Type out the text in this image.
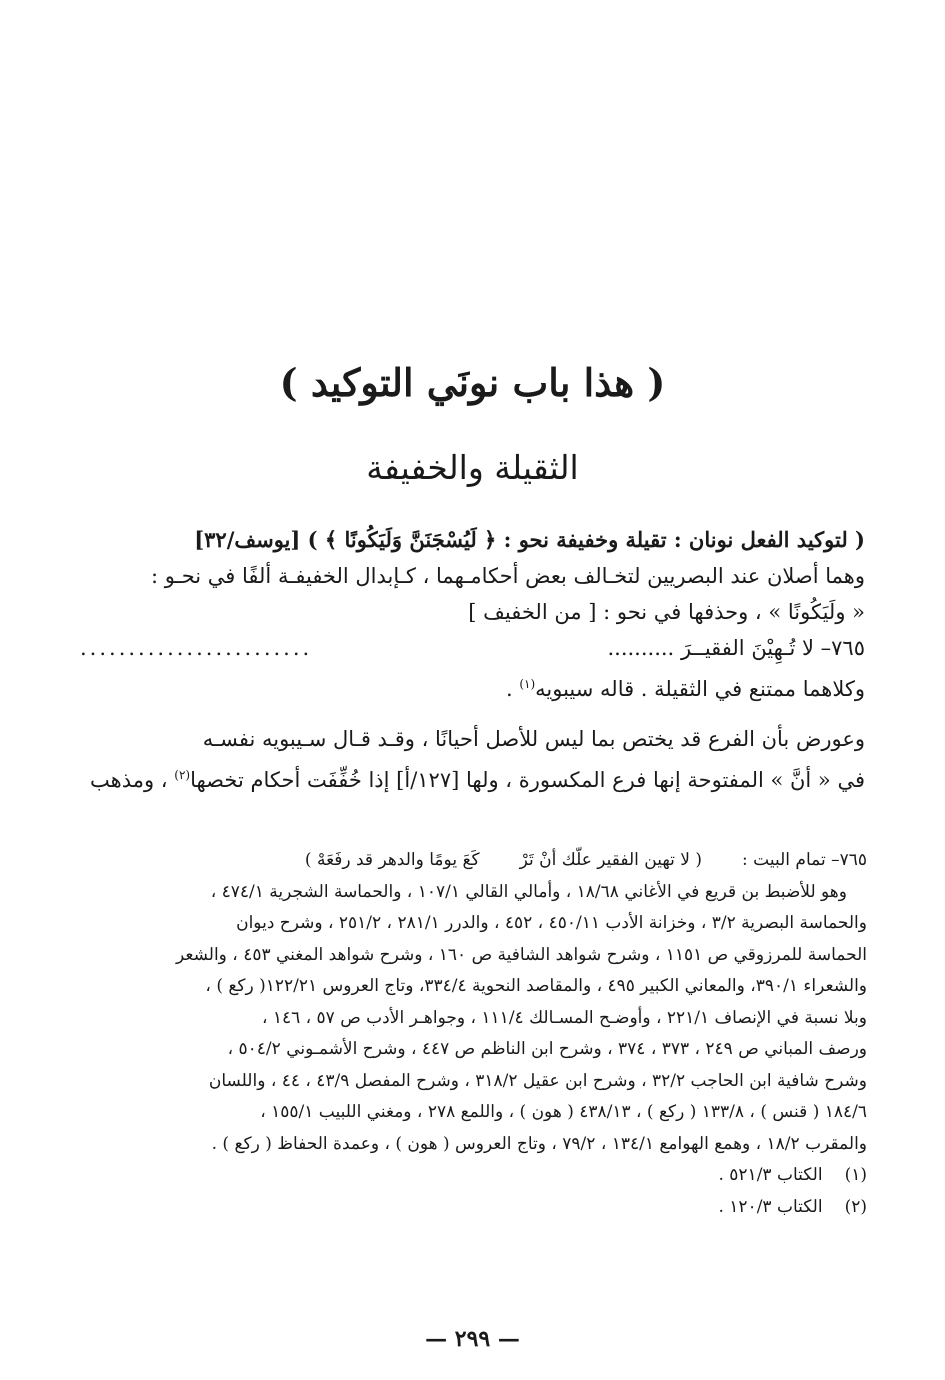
( هذا باب نونَي التوكيد )
الثقيلة والخفيفة

( لتوكيد الفعل نونان : تقيلة وخفيفة نحو : ﴿ لَيُسْجَنَنَّ وَلَيَكُونًا ﴾ ) [يوسف/٣٢]

وهما أصلان عند البصريين لتخـالف بعض أحكامـهما ، كـإبدال الخفيفـة ألفًا في نحـو :

« ولَيَكُونًا » ، وحذفها في نحو : [ من الخفيف ]

٧٦٥– لا تُـهِيْنَ الفقيــرَ ..........
........................

وكلاهما ممتنع في الثقيلة . قاله سيبويه$^{(١)}$ .

وعورض بأن الفرع قد يختص بما ليس للأصل أحيانًا ، وقـد قـال سـيبويه نفسـه

في « أنَّ » المفتوحة إنها فرع المكسورة ، ولها [١٢٧/أ] إذا خُفِّفَت أحكام تخصها$^{(٢)}$ ، ومذهب

٧٦٥– تمام البيت :
( لا تهين الفقير علّك أنْ تَرْ
كَعَ يومًا والدهر قد رفَعَهْ )

وهو للأضبط بن قريع في الأغاني ١٨/٦٨ ، وأمالي القالي ١٠٧/١ ، والحماسة الشجرية ٤٧٤/١ ،

والحماسة البصرية ٣/٢ ، وخزانة الأدب ٤٥٠/١١ ، ٤٥٢ ، والدرر ٢٨١/١ ، ٢٥١/٢ ، وشرح ديوان

الحماسة للمرزوقي ص ١١٥١ ، وشرح شواهد الشافية ص ١٦٠ ، وشرح شواهد المغني ٤٥٣ ، والشعر

والشعراء ٣٩٠/١، والمعاني الكبير ٤٩٥ ، والمقاصد النحوية ٣٣٤/٤، وتاج العروس ١٢٢/٢١( ركع ) ،

وبلا نسبة في الإنصاف ٢٢١/١ ، وأوضـح المسـالك ١١١/٤ ، وجواهـر الأدب ص ٥٧ ، ١٤٦ ،

ورصف المباني ص ٢٤٩ ، ٣٧٣ ، ٣٧٤ ، وشرح ابن الناظم ص ٤٤٧ ، وشرح الأشمـوني ٥٠٤/٢ ،

وشرح شافية ابن الحاجب ٣٢/٢ ، وشرح ابن عقيل ٣١٨/٢ ، وشرح المفصل ٤٣/٩ ، ٤٤ ، واللسان

١٨٤/٦ ( قنس ) ، ١٣٣/٨ ( ركع ) ، ٤٣٨/١٣ ( هون ) ، واللمع ٢٧٨ ، ومغني اللبيب ١٥٥/١ ،

والمقرب ١٨/٢ ، وهمع الهوامع ١٣٤/١ ، ٧٩/٢ ، وتاج العروس ( هون ) ، وعمدة الحفاظ ( ركع ) .

(١)
الكتاب ٥٢١/٣ .
(٢)
الكتاب ١٢٠/٣ .
— ٢٩٩ —
